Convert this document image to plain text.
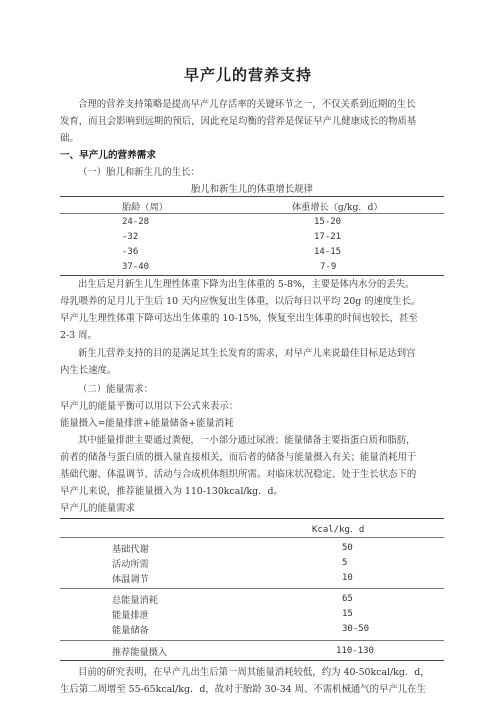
早产儿的营养支持
合理的营养支持策略是提高早产儿存活率的关键环节之一，不仅关系到近期的生长
发育，而且会影响到远期的预后，因此充足均衡的营养是保证早产儿健康成长的物质基
础。
一、早产儿的营养需求
（一）胎儿和新生儿的生长：
胎儿和新生儿的体重增长规律
	胎龄（周）	体重增长（g/kg．d）
	24-28	15-20
	-32	17-21
	-36	14-15
	37-40	7-9
出生后足月新生儿生理性体重下降为出生体重的 5-8%，主要是体内水分的丢失。
母乳喂养的足月儿于生后 10 天内应恢复出生体重，以后每日以平均 20g 的速度生长。
早产儿生理性体重下降可达出生体重的 10-15%，恢复至出生体重的时间也较长，甚至
2-3 周。
新生儿营养支持的目的是满足其生长发育的需求，对早产儿来说最佳目标是达到宫
内生长速度。
（二）能量需求：
早产儿的能量平衡可以用以下公式来表示：
能量摄入=能量排泄+能量储备+能量消耗
其中能量排泄主要通过粪便，一小部分通过尿液；能量储备主要指蛋白质和脂肪，
前者的储备与蛋白质的摄入量直接相关，而后者的储备与能量摄入有关；能量消耗用于
基础代谢、体温调节、活动与合成机体组织所需。对临床状况稳定、处于生长状态下的
早产儿来说，推荐能量摄入为 110-130kcal/kg．d。
早产儿的能量需求
	Kcal/kg．d
	基础代谢	50
	活动所需	5
	体温调节	10
	总能量消耗	65
	能量排泄	15
	能量储备	30-50
	推荐能量摄入	110-130
目前的研究表明，在早产儿出生后第一周其能量消耗较低，约为 40-50kcal/kg．d，
生后第二周增至 55-65kcal/kg．d，故对于胎龄 30-34 周、不需机械通气的早产儿在生
